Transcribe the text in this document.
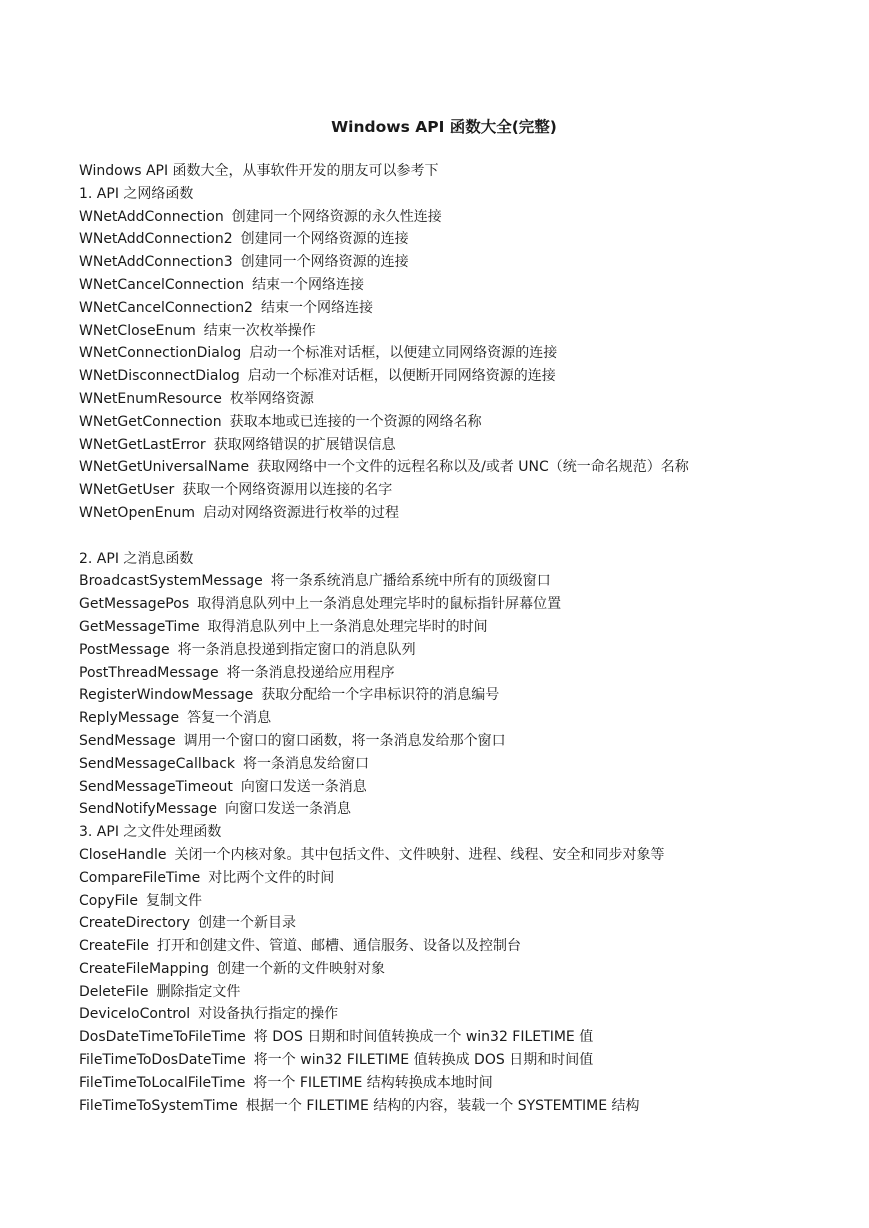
Windows API 函数大全(完整)
Windows API 函数大全，从事软件开发的朋友可以参考下
1. API 之网络函数
WNetAddConnection 创建同一个网络资源的永久性连接
WNetAddConnection2 创建同一个网络资源的连接
WNetAddConnection3 创建同一个网络资源的连接
WNetCancelConnection 结束一个网络连接
WNetCancelConnection2 结束一个网络连接
WNetCloseEnum 结束一次枚举操作
WNetConnectionDialog 启动一个标准对话框，以便建立同网络资源的连接
WNetDisconnectDialog 启动一个标准对话框，以便断开同网络资源的连接
WNetEnumResource 枚举网络资源
WNetGetConnection 获取本地或已连接的一个资源的网络名称
WNetGetLastError 获取网络错误的扩展错误信息
WNetGetUniversalName 获取网络中一个文件的远程名称以及/或者 UNC（统一命名规范）名称
WNetGetUser 获取一个网络资源用以连接的名字
WNetOpenEnum 启动对网络资源进行枚举的过程
2. API 之消息函数
BroadcastSystemMessage 将一条系统消息广播给系统中所有的顶级窗口
GetMessagePos 取得消息队列中上一条消息处理完毕时的鼠标指针屏幕位置
GetMessageTime 取得消息队列中上一条消息处理完毕时的时间
PostMessage 将一条消息投递到指定窗口的消息队列
PostThreadMessage 将一条消息投递给应用程序
RegisterWindowMessage 获取分配给一个字串标识符的消息编号
ReplyMessage 答复一个消息
SendMessage 调用一个窗口的窗口函数，将一条消息发给那个窗口
SendMessageCallback 将一条消息发给窗口
SendMessageTimeout 向窗口发送一条消息
SendNotifyMessage 向窗口发送一条消息
3. API 之文件处理函数
CloseHandle 关闭一个内核对象。其中包括文件、文件映射、进程、线程、安全和同步对象等
CompareFileTime 对比两个文件的时间
CopyFile 复制文件
CreateDirectory 创建一个新目录
CreateFile 打开和创建文件、管道、邮槽、通信服务、设备以及控制台
CreateFileMapping 创建一个新的文件映射对象
DeleteFile 删除指定文件
DeviceIoControl 对设备执行指定的操作
DosDateTimeToFileTime 将 DOS 日期和时间值转换成一个 win32 FILETIME 值
FileTimeToDosDateTime 将一个 win32 FILETIME 值转换成 DOS 日期和时间值
FileTimeToLocalFileTime 将一个 FILETIME 结构转换成本地时间
FileTimeToSystemTime 根据一个 FILETIME 结构的内容，装载一个 SYSTEMTIME 结构
